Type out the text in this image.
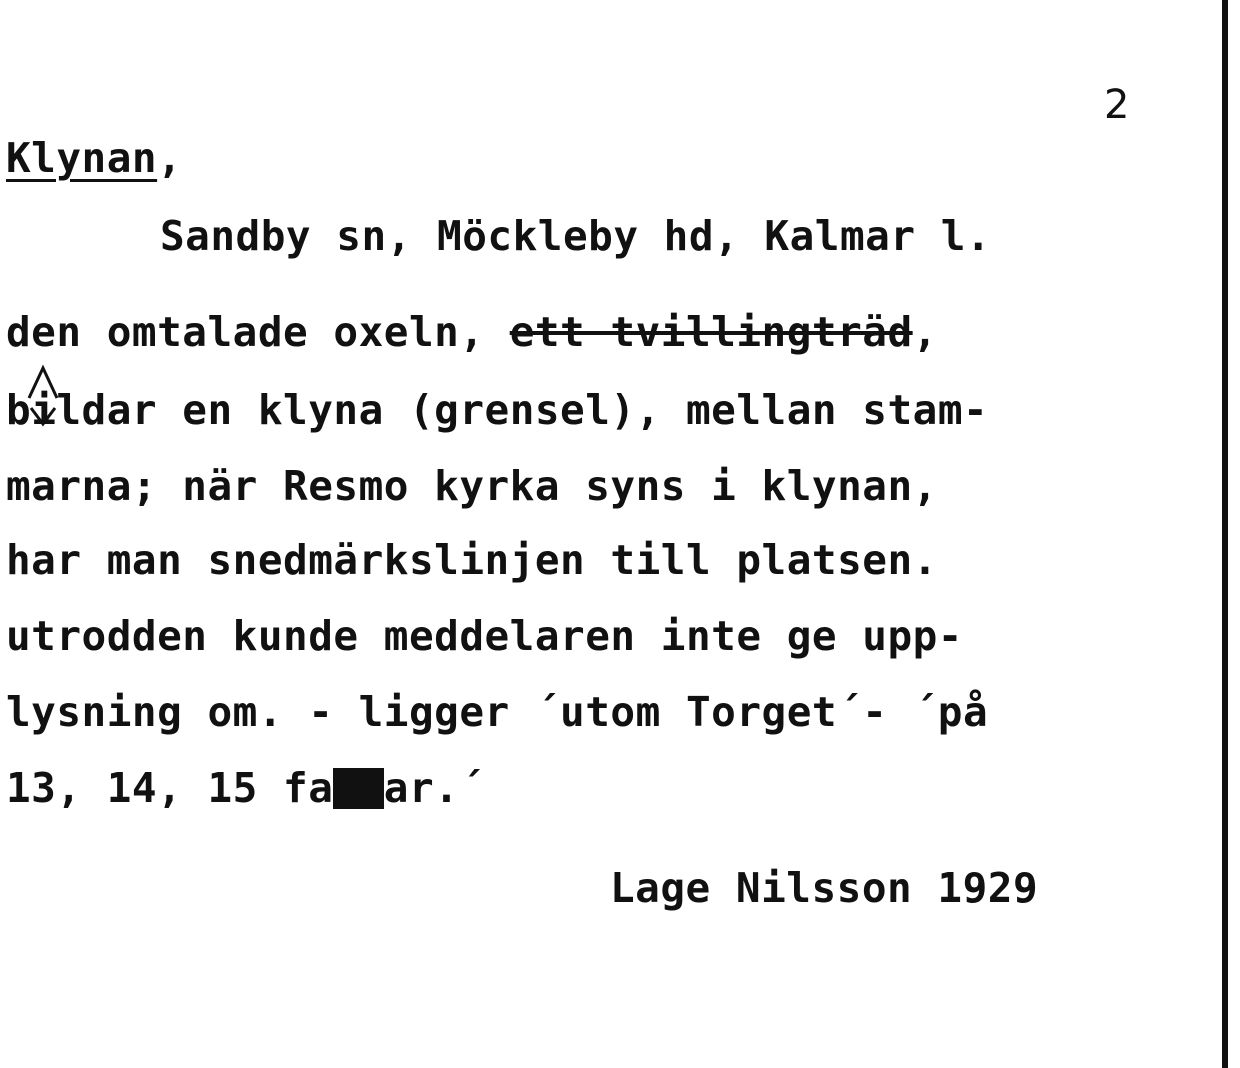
2
Klynan,
Sandby sn, Möckleby hd, Kalmar l.
den omtalade oxeln, ett tvillingträd,
b
ildar en klyna (grensel), mellan stam-
marna; när Resmo kyrka syns i klynan,
har man snedmärkslinjen till platsen.
utrodden kunde meddelaren inte ge upp-
lysning om. - ligger ´utom Torget´- ´på
13, 14, 15 fammar.´
Lage Nilsson 1929
